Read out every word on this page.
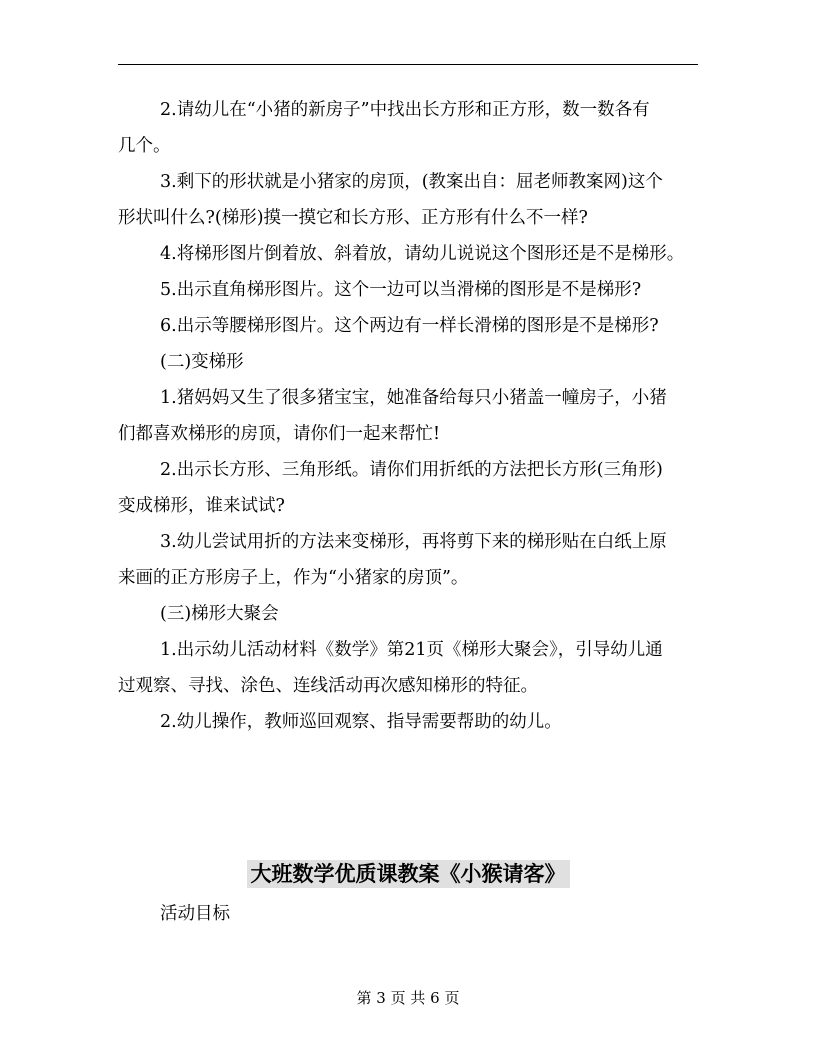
2.请幼儿在“小猪的新房子”中找出长方形和正方形，数一数各有
几个。
3.剩下的形状就是小猪家的房顶，(教案出自：屈老师教案网)这个
形状叫什么?(梯形)摸一摸它和长方形、正方形有什么不一样?
4.将梯形图片倒着放、斜着放，请幼儿说说这个图形还是不是梯形。
5.出示直角梯形图片。这个一边可以当滑梯的图形是不是梯形?
6.出示等腰梯形图片。这个两边有一样长滑梯的图形是不是梯形?
(二)变梯形
1.猪妈妈又生了很多猪宝宝，她准备给每只小猪盖一幢房子，小猪
们都喜欢梯形的房顶，请你们一起来帮忙!
2.出示长方形、三角形纸。请你们用折纸的方法把长方形(三角形)
变成梯形，谁来试试?
3.幼儿尝试用折的方法来变梯形，再将剪下来的梯形贴在白纸上原
来画的正方形房子上，作为“小猪家的房顶”。
(三)梯形大聚会
1.出示幼儿活动材料《数学》第21页《梯形大聚会》，引导幼儿通
过观察、寻找、涂色、连线活动再次感知梯形的特征。
2.幼儿操作，教师巡回观察、指导需要帮助的幼儿。
大班数学优质课教案《小猴请客》
活动目标
第 3 页 共 6 页
